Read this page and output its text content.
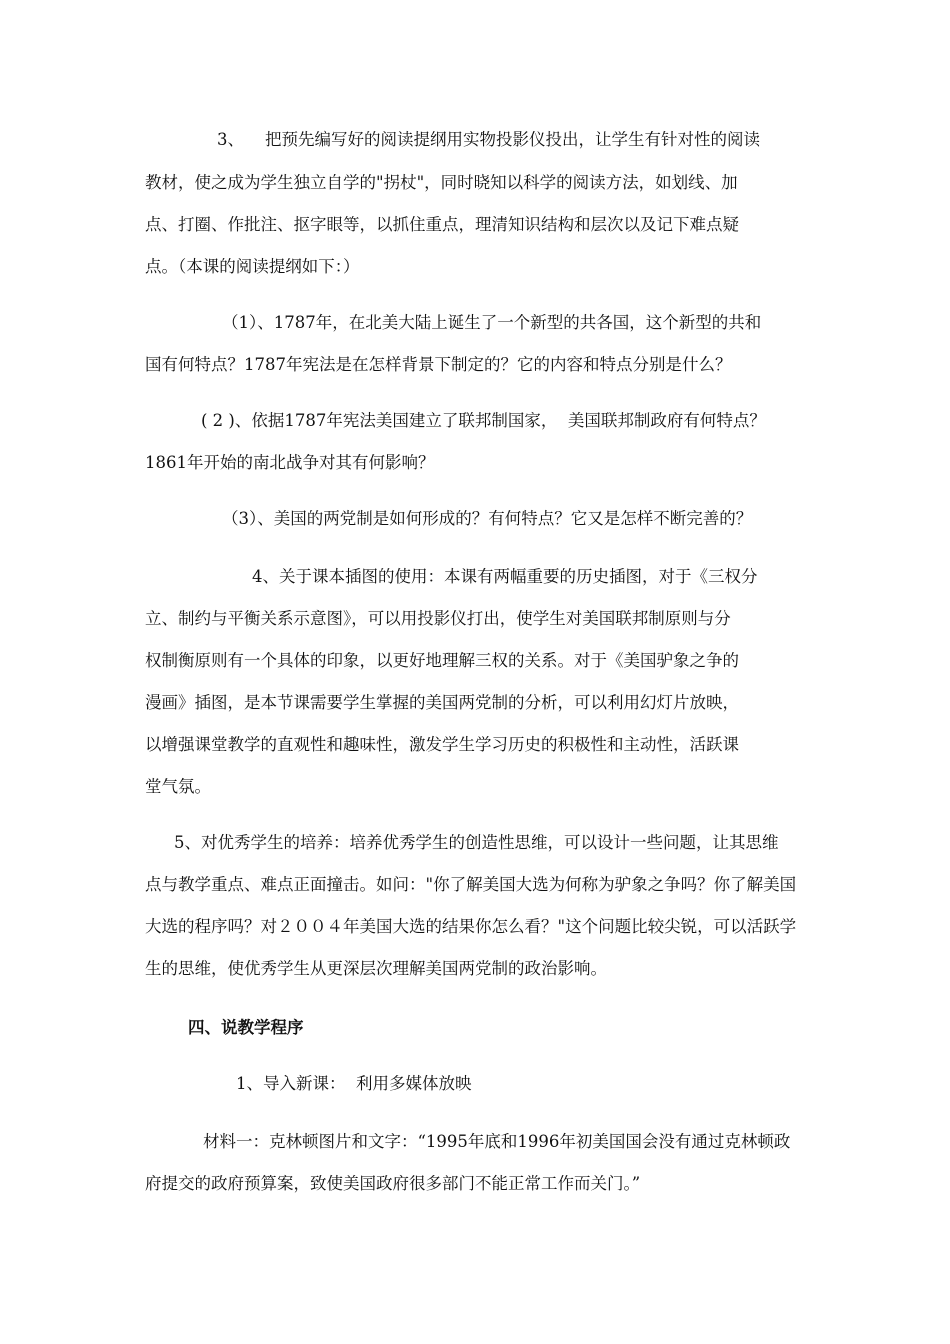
3、    把预先编写好的阅读提纲用实物投影仪投出，让学生有针对性的阅读
教材，使之成为学生独立自学的"拐杖"，同时晓知以科学的阅读方法，如划线、加
点、打圈、作批注、抠字眼等，以抓住重点，理清知识结构和层次以及记下难点疑
点。（本课的阅读提纲如下：）
（1）、1787年，在北美大陆上诞生了一个新型的共各国，这个新型的共和
国有何特点？1787年宪法是在怎样背景下制定的？它的内容和特点分别是什么？
( 2 )、依据1787年宪法美国建立了联邦制国家，  美国联邦制政府有何特点？
1861年开始的南北战争对其有何影响？
（3）、美国的两党制是如何形成的？有何特点？它又是怎样不断完善的？
4、关于课本插图的使用：本课有两幅重要的历史插图，对于《三权分
立、制约与平衡关系示意图》，可以用投影仪打出，使学生对美国联邦制原则与分
权制衡原则有一个具体的印象，以更好地理解三权的关系。对于《美国驴象之争的
漫画》插图，是本节课需要学生掌握的美国两党制的分析，可以利用幻灯片放映，
以增强课堂教学的直观性和趣味性，激发学生学习历史的积极性和主动性，活跃课
堂气氛。
5、对优秀学生的培养：培养优秀学生的创造性思维，可以设计一些问题，让其思维
点与教学重点、难点正面撞击。如问："你了解美国大选为何称为驴象之争吗？你了解美国
大选的程序吗？对２００４年美国大选的结果你怎么看？"这个问题比较尖锐，可以活跃学
生的思维，使优秀学生从更深层次理解美国两党制的政治影响。
四、说教学程序
1、导入新课：  利用多媒体放映
材料一：克林顿图片和文字：“1995年底和1996年初美国国会没有通过克林顿政
府提交的政府预算案，致使美国政府很多部门不能正常工作而关门。”
